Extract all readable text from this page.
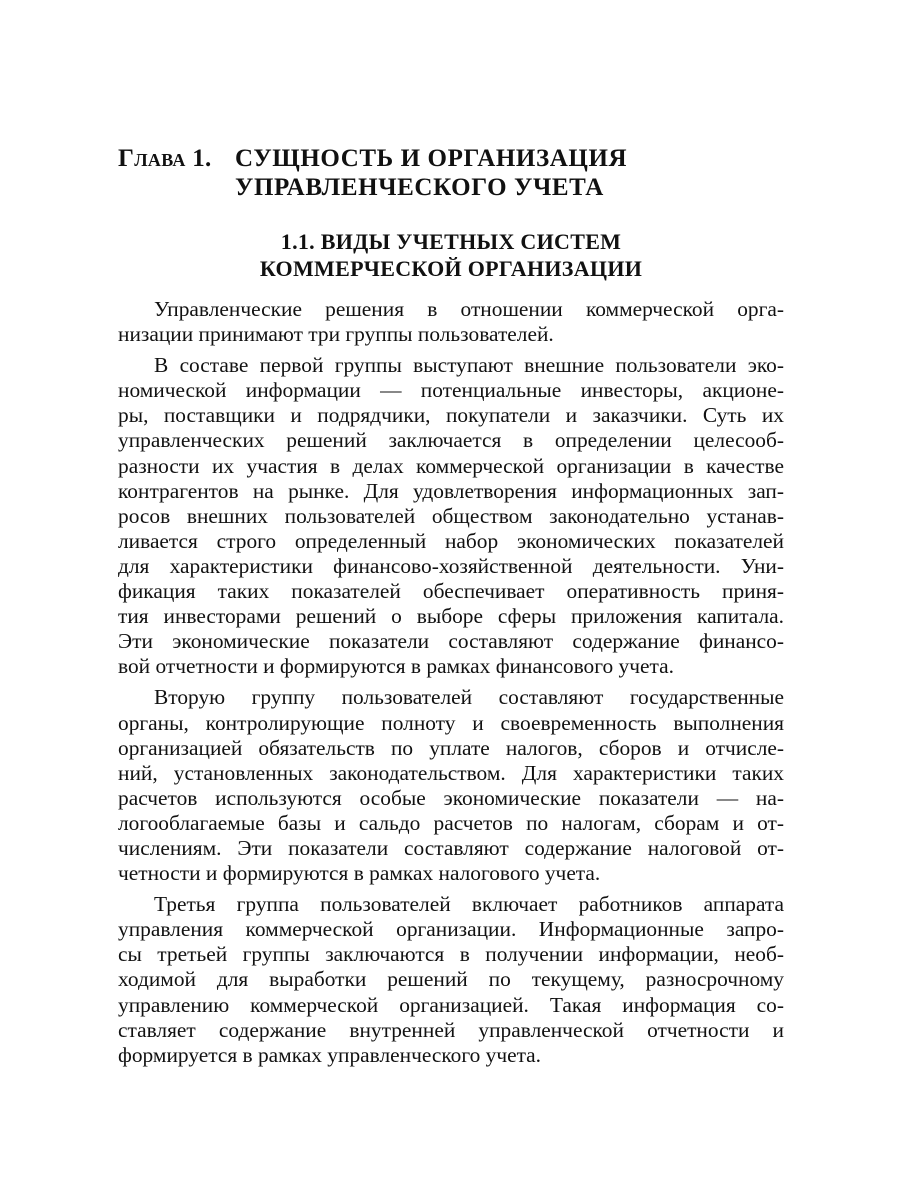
Глава 1. СУЩНОСТЬ И ОРГАНИЗАЦИЯ
УПРАВЛЕНЧЕСКОГО УЧЕТА
1.1. ВИДЫ УЧЕТНЫХ СИСТЕМ
КОММЕРЧЕСКОЙ ОРГАНИЗАЦИИ
Управленческие решения в отношении коммерческой орга-
низации принимают три группы пользователей.
В составе первой группы выступают внешние пользователи эко-
номической информации — потенциальные инвесторы, акционе-
ры, поставщики и подрядчики, покупатели и заказчики. Суть их
управленческих решений заключается в определении целесооб-
разности их участия в делах коммерческой организации в качестве
контрагентов на рынке. Для удовлетворения информационных зап-
росов внешних пользователей обществом законодательно устанав-
ливается строго определенный набор экономических показателей
для характеристики финансово-хозяйственной деятельности. Уни-
фикация таких показателей обеспечивает оперативность приня-
тия инвесторами решений о выборе сферы приложения капитала.
Эти экономические показатели составляют содержание финансо-
вой отчетности и формируются в рамках финансового учета.
Вторую группу пользователей составляют государственные
органы, контролирующие полноту и своевременность выполнения
организацией обязательств по уплате налогов, сборов и отчисле-
ний, установленных законодательством. Для характеристики таких
расчетов используются особые экономические показатели — на-
логооблагаемые базы и сальдо расчетов по налогам, сборам и от-
числениям. Эти показатели составляют содержание налоговой от-
четности и формируются в рамках налогового учета.
Третья группа пользователей включает работников аппарата
управления коммерческой организации. Информационные запро-
сы третьей группы заключаются в получении информации, необ-
ходимой для выработки решений по текущему, разносрочному
управлению коммерческой организацией. Такая информация со-
ставляет содержание внутренней управленческой отчетности и
формируется в рамках управленческого учета.
